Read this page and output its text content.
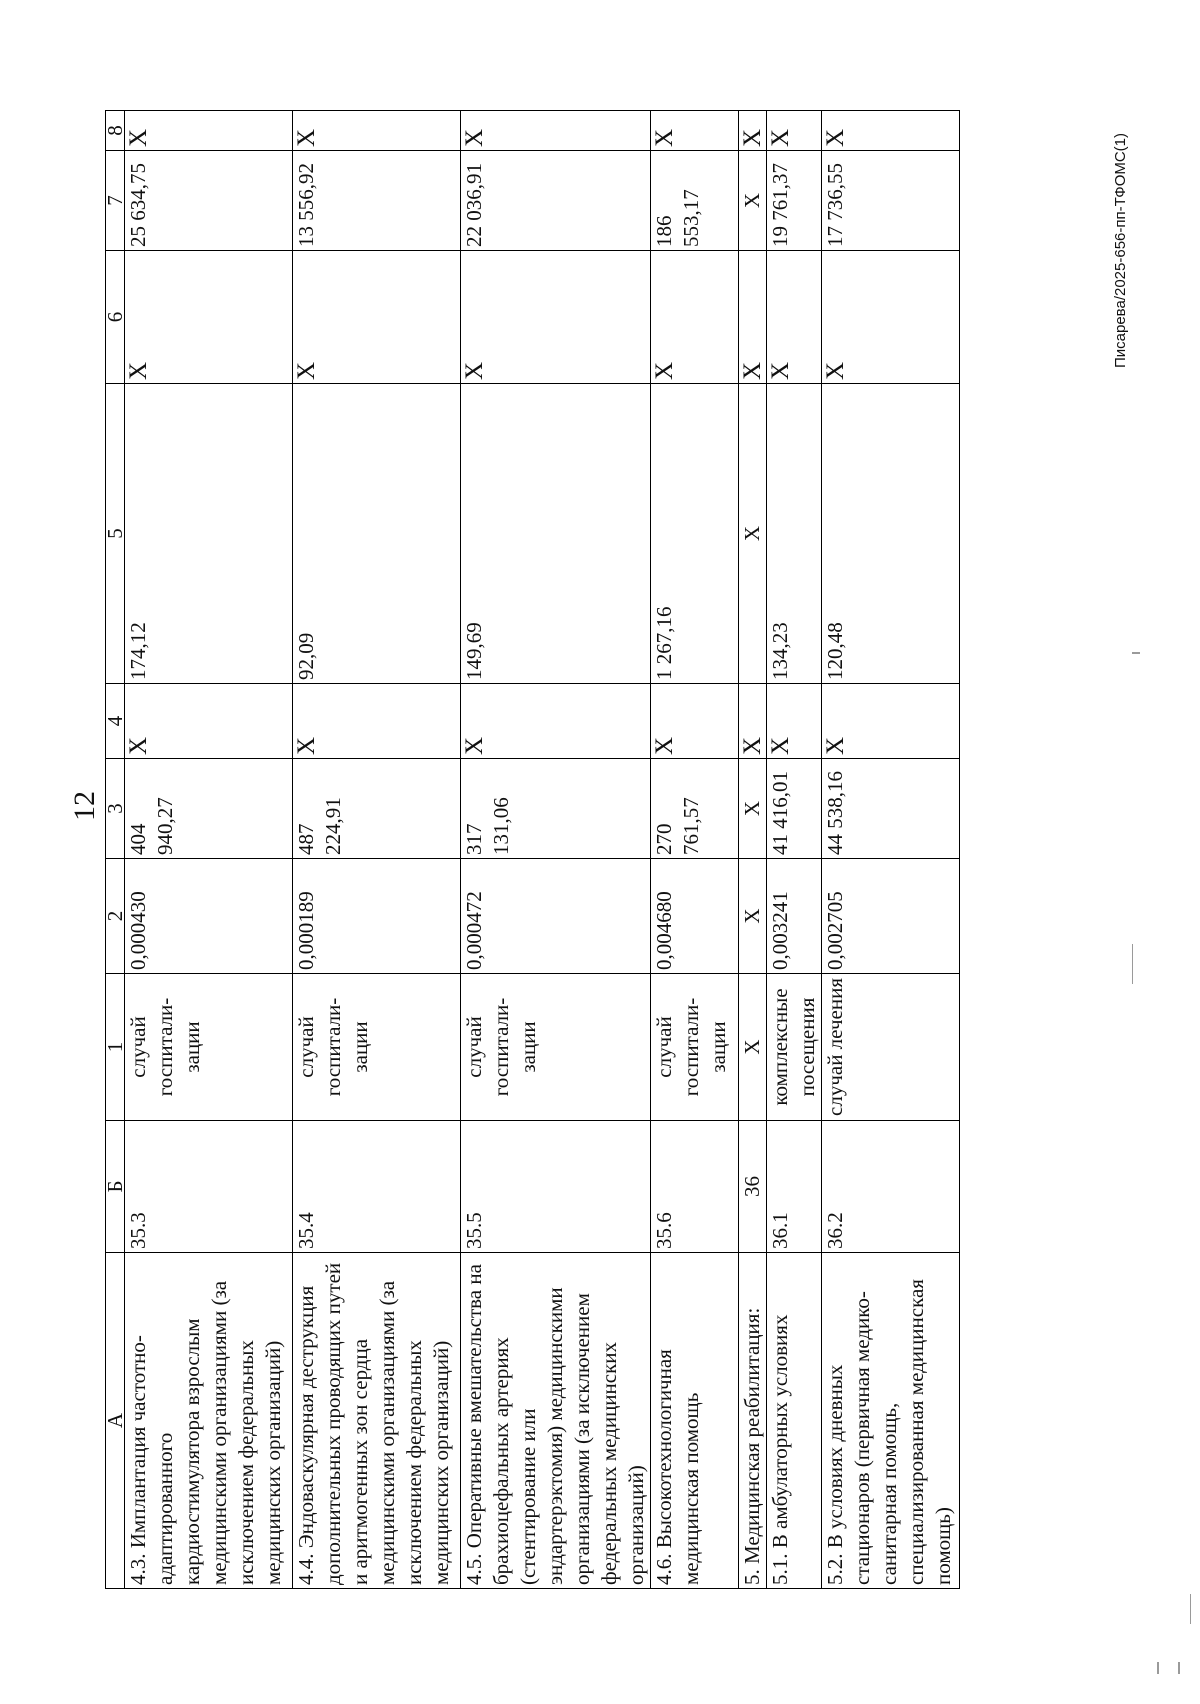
12
А	Б	1	2	3	4	5	6	7	8
4.3. Имплантация частотно-адаптированного кардиостимулятора взрослым медицинскими организациями (за исключением федеральных медицинских организаций)	35.3	случай госпитали-зации	0,000430	404 940,27	Х	174,12	Х	25 634,75	Х
4.4. Эндоваскулярная деструкция дополнительных проводящих путей и аритмогенных зон сердца медицинскими организациями (за исключением федеральных медицинских организаций)	35.4	случай госпитали-зации	0,000189	487 224,91	Х	92,09	Х	13 556,92	Х
4.5. Оперативные вмешательства на брахиоцефальных артериях (стентирование или эндартерэктомия) медицинскими организациями (за исключением федеральных медицинских организаций)	35.5	случай госпитали-зации	0,000472	317 131,06	Х	149,69	Х	22 036,91	Х
4.6. Высокотехнологичная медицинская помощь	35.6	случай госпитали-зации	0,004680	270 761,57	Х	1 267,16	Х	186 553,17	Х
5. Медицинская реабилитация:	36	Х	Х	Х	Х	Х	Х	Х	Х
5.1. В амбулаторных условиях	36.1	комплексные посещения	0,003241	41 416,01	Х	134,23	Х	19 761,37	Х
5.2. В условиях дневных стационаров (первичная медико-санитарная помощь, специализированная медицинская помощь)	36.2	случай лечения	0,002705	44 538,16	Х	120,48	Х	17 736,55	Х	Писарева/2025-656-пп-ТФОМС(1)
